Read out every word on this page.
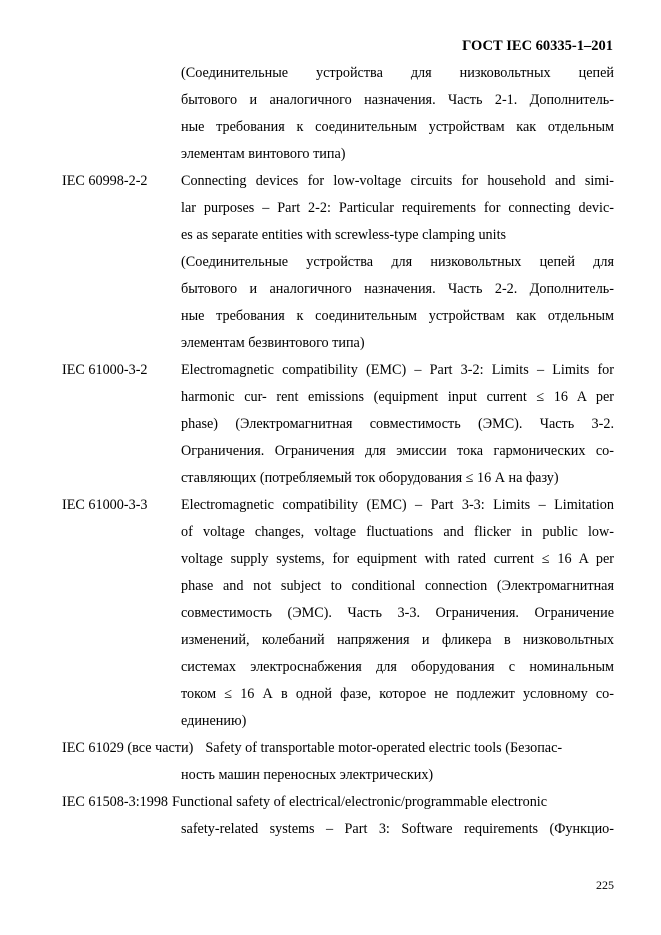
ГОСТ IEC 60335-1–201
(Соединительные устройства для низковольтных цепей
бытового и аналогичного назначения. Часть 2-1. Дополнитель-
ные требования к соединительным устройствам как отдельным
элементам винтового типа)
IEC 60998-2-2	Connecting devices for low-voltage circuits for household and simi-
lar purposes – Part 2-2: Particular requirements for connecting devic-
es as separate entities with screwless-type clamping units
(Соединительные устройства для низковольтных цепей для
бытового и аналогичного назначения. Часть 2-2. Дополнитель-
ные требования к соединительным устройствам как отдельным
элементам безвинтового типа)
IEC 61000-3-2	Electromagnetic compatibility (EMC) – Part 3-2: Limits – Limits for
harmonic cur- rent emissions (equipment input current ≤ 16 A per
phase) (Электромагнитная совместимость (ЭМС). Часть 3-2.
Ограничения. Ограничения для эмиссии тока гармонических со-
ставляющих (потребляемый ток оборудования ≤ 16 А на фазу)
IEC 61000-3-3	Electromagnetic compatibility (EMC) – Part 3-3: Limits – Limitation
of voltage changes, voltage fluctuations and flicker in public low-
voltage supply systems, for equipment with rated current ≤ 16 A per
phase and not subject to conditional connection (Электромагнитная
совместимость (ЭМС). Часть 3-3. Ограничения. Ограничение
изменений, колебаний напряжения и фликера в низковольтных
системах электроснабжения для оборудования с номинальным
током ≤ 16 А в одной фазе, которое не подлежит условному со-
единению)
IEC 61029 (все части) Safety of transportable motor-operated electric tools (Безопас-
ность машин переносных электрических)
IEC 61508-3:1998 Functional safety of electrical/electronic/programmable electronic
safety-related systems – Part 3: Software requirements (Функцио-
225
